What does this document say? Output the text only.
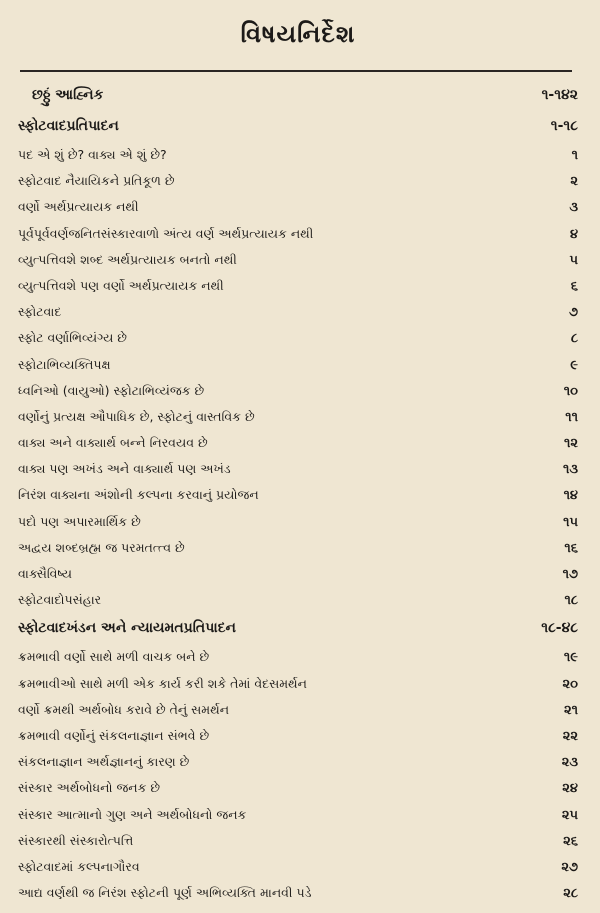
વિષયનિર્દેશ
છઠ્ઠું આહ્નિક	૧-૧૪૨
સ્ફોટવાદપ્રતિપાદન	૧-૧૮
પદ એ શું છે? વાક્ય એ શું છે?	૧
સ્ફોટવાદ નૈયાયિકને પ્રતિકૂળ છે	૨
વર્ણો અર્થપ્રત્યાયક નથી	૩
પૂર્વપૂર્વવર્ણજનિતસંસ્કારવાળો અંત્ય વર્ણ અર્થપ્રત્યાયક નથી	૪
વ્યુત્પત્તિવશે શબ્દ અર્થપ્રત્યાયક બનતો નથી	૫
વ્યુત્પત્તિવશે પણ વર્ણો અર્થપ્રત્યાયક નથી	૬
સ્ફોટવાદ	૭
સ્ફોટ વર્ણાભિવ્યંગ્ય છે	૮
સ્ફોટાભિવ્યક્તિપક્ષ	૯
ધ્વનિઓ (વાયુઓ) સ્ફોટાભિવ્યંજક છે	૧૦
વર્ણોનું પ્રત્યક્ષ ઔપાધિક છે, સ્ફોટનું વાસ્તવિક છે	૧૧
વાક્ય અને વાક્યાર્થ બન્ને નિરવયવ છે	૧૨
વાક્ય પણ અખંડ અને વાક્યાર્થ પણ અખંડ	૧૩
નિરંશ વાક્યના અંશોની કલ્પના કરવાનું પ્રયોજન	૧૪
પદો પણ અપારમાર્થિક છે	૧૫
અદ્વય શબ્દબ્રહ્મ જ પરમતત્ત્વ છે	૧૬
વાક્સૈવિષ્ય	૧૭
સ્ફોટવાદોપસંહાર	૧૮
સ્ફોટવાદખંડન અને ન્યાયમતપ્રતિપાદન	૧૮-૪૮
ક્રમભાવી વર્ણો સાથે મળી વાચક બને છે	૧૯
ક્રમભાવીઓ સાથે મળી એક કાર્ય કરી શકે તેમાં વેદસમર્થન	૨૦
વર્ણો ક્રમથી અર્થબોધ કરાવે છે તેનું સમર્થન	૨૧
ક્રમભાવી વર્ણોનું સંકલનાજ્ઞાન સંભવે છે	૨૨
સંકલનાજ્ઞાન અર્થજ્ઞાનનું કારણ છે	૨૩
સંસ્કાર અર્થબોધનો જનક છે	૨૪
સંસ્કાર આત્માનો ગુણ અને અર્થબોધનો જનક	૨૫
સંસ્કારથી સંસ્કારોત્પત્તિ	૨૬
સ્ફોટવાદમાં કલ્પનાગૌરવ	૨૭
આદ્ય વર્ણથી જ નિરંશ સ્ફોટની પૂર્ણ અભિવ્યક્તિ માનવી પડે	૨૮
